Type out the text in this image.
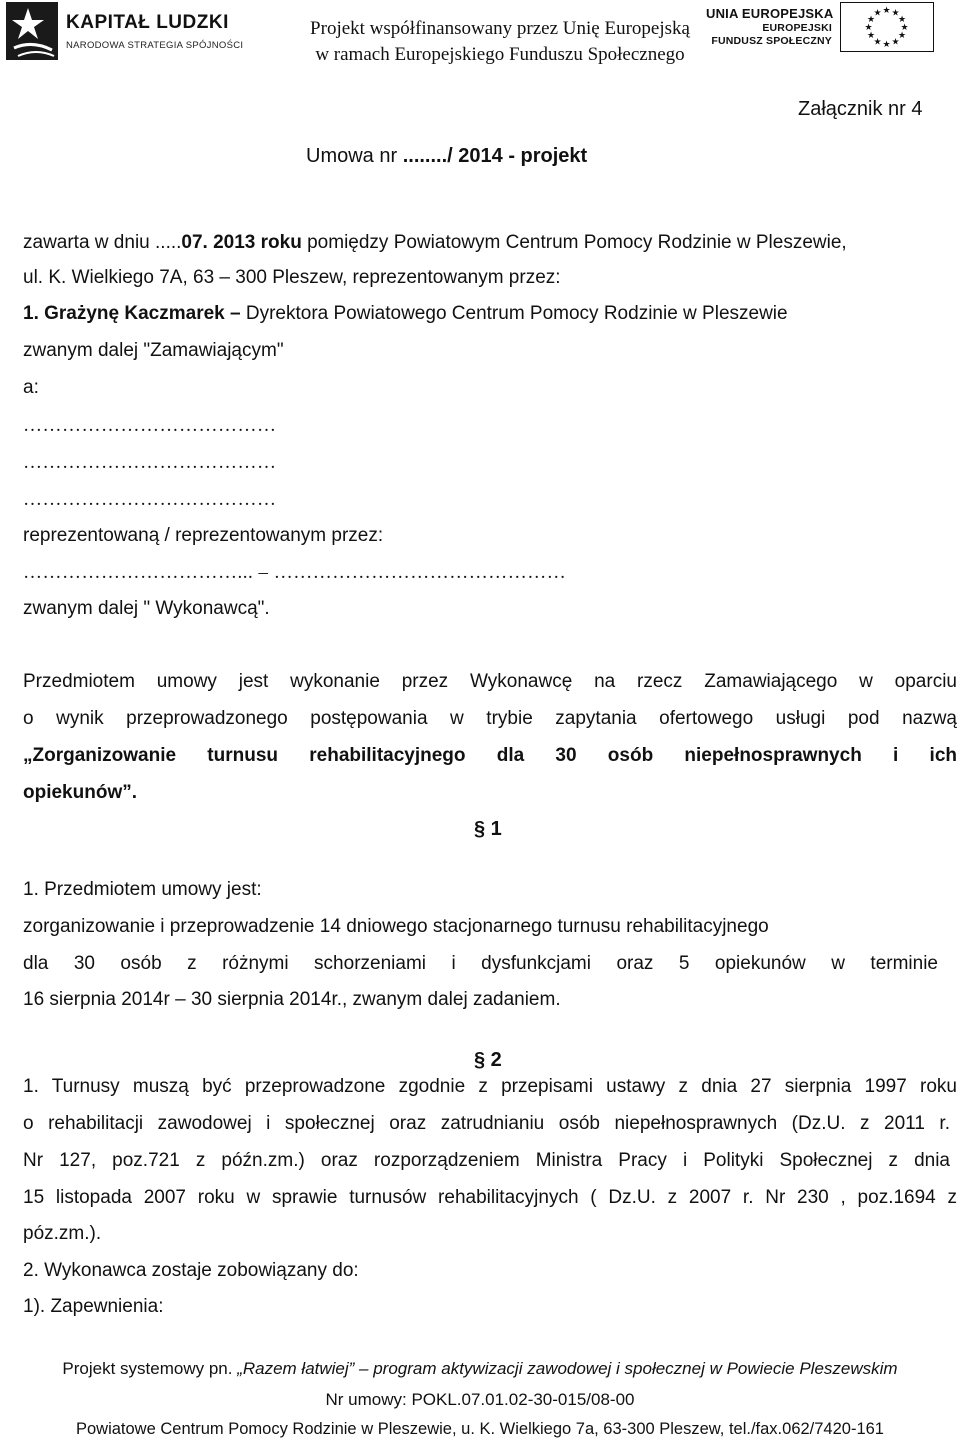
KAPITAŁ LUDZKI
NARODOWA STRATEGIA SPÓJNOŚCI
Projekt współfinansowany przez Unię Europejską
w ramach Europejskiego Funduszu Społecznego
UNIA EUROPEJSKA
EUROPEJSKI
FUNDUSZ SPOŁECZNY
★ ★
★
★
★
★
★
★
★
★
★
★
Załącznik nr 4
Umowa nr ......../ 2014 - projekt
zawarta w dniu .....07. 2013 roku pomiędzy Powiatowym Centrum Pomocy Rodzinie w Pleszewie,
ul. K. Wielkiego 7A, 63 – 300 Pleszew, reprezentowanym przez:
1. Grażynę Kaczmarek – Dyrektora Powiatowego Centrum Pomocy Rodzinie w Pleszewie
zwanym dalej "Zamawiającym"
a:
…………………………………
…………………………………
…………………………………
reprezentowaną / reprezentowanym przez:
……………………………... – ………………………………………
zwanym dalej " Wykonawcą".
Przedmiotem umowy jest wykonanie przez Wykonawcę na rzecz Zamawiającego w oparciu
o wynik przeprowadzonego postępowania w trybie zapytania ofertowego usługi pod nazwą
„Zorganizowanie turnusu rehabilitacyjnego dla 30 osób niepełnosprawnych i ich
opiekunów”.
§ 1
1. Przedmiotem umowy jest:
zorganizowanie i przeprowadzenie 14 dniowego stacjonarnego turnusu rehabilitacyjnego
dla 30 osób z różnymi schorzeniami i dysfunkcjami oraz 5 opiekunów w terminie
16 sierpnia 2014r – 30 sierpnia 2014r., zwanym dalej zadaniem.
§ 2
1. Turnusy muszą być przeprowadzone zgodnie z przepisami ustawy z dnia 27 sierpnia 1997 roku
o rehabilitacji zawodowej i społecznej oraz zatrudnianiu osób niepełnosprawnych (Dz.U. z 2011 r.
Nr 127, poz.721 z późn.zm.) oraz rozporządzeniem Ministra Pracy i Polityki Społecznej z dnia
15 listopada 2007 roku w sprawie turnusów rehabilitacyjnych ( Dz.U. z 2007 r. Nr 230 , poz.1694 z
póz.zm.).
2. Wykonawca zostaje zobowiązany do:
1). Zapewnienia:
Projekt systemowy pn. „Razem łatwiej” – program aktywizacji zawodowej i społecznej w Powiecie Pleszewskim
Nr umowy: POKL.07.01.02-30-015/08-00
Powiatowe Centrum Pomocy Rodzinie w Pleszewie, u. K. Wielkiego 7a, 63-300 Pleszew, tel./fax.062/7420-161
